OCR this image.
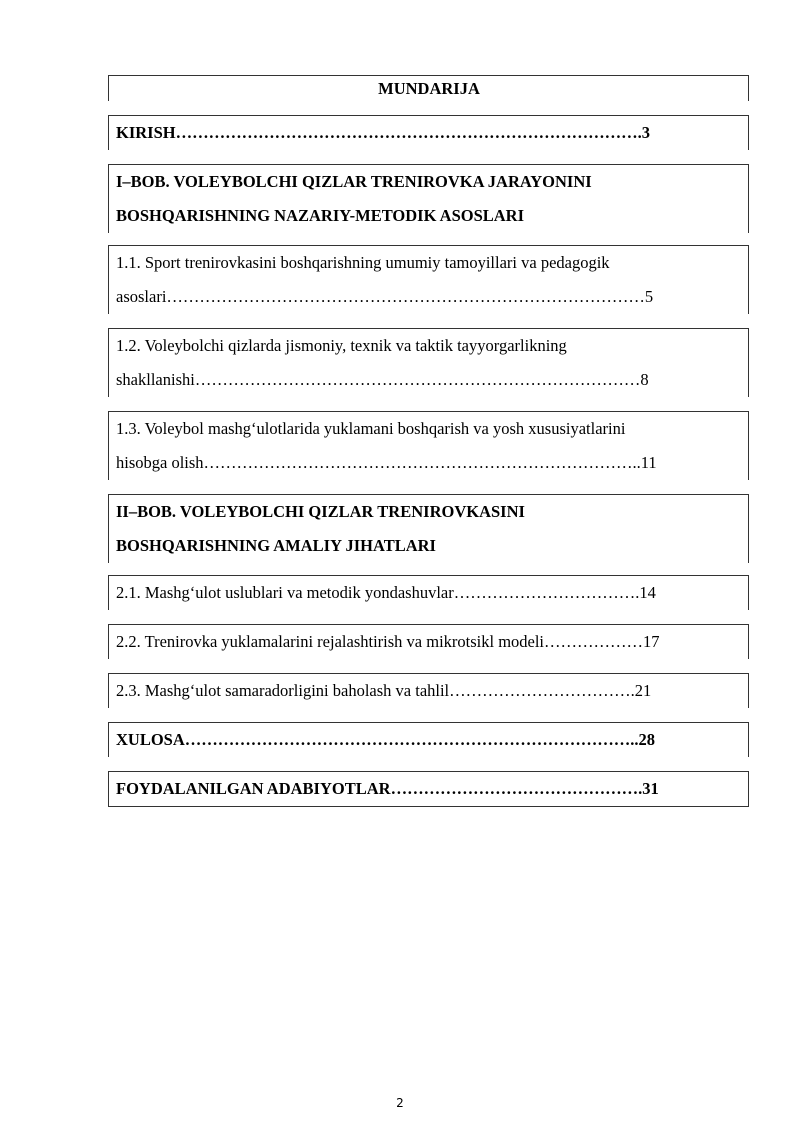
MUNDARIJA
KIRISH………………………………………………………………………….3
I–BOB. VOLEYBOLCHI QIZLAR TRENIROVKA JARAYONINI
BOSHQARISHNING NAZARIY-METODIK ASOSLARI
1.1. Sport trenirovkasini boshqarishning umumiy tamoyillari va pedagogik
asoslari……………………………………………………………………………5
1.2. Voleybolchi qizlarda jismoniy, texnik va taktik tayyorgarlikning
shakllanishi………………………………………………………………………8
1.3. Voleybol mashg‘ulotlarida yuklamani boshqarish va yosh xususiyatlarini
hisobga olish……………………………………………………………………..11
II–BOB. VOLEYBOLCHI QIZLAR TRENIROVKASINI
BOSHQARISHNING AMALIY JIHATLARI
2.1. Mashg‘ulot uslublari va metodik yondashuvlar…………………………….14
2.2. Trenirovka yuklamalarini rejalashtirish va mikrotsikl modeli………………17
2.3. Mashg‘ulot samaradorligini baholash va tahlil…………………………….21
XULOSA………………………………………………………………………..28
FOYDALANILGAN ADABIYOTLAR……………………………………….31
2
